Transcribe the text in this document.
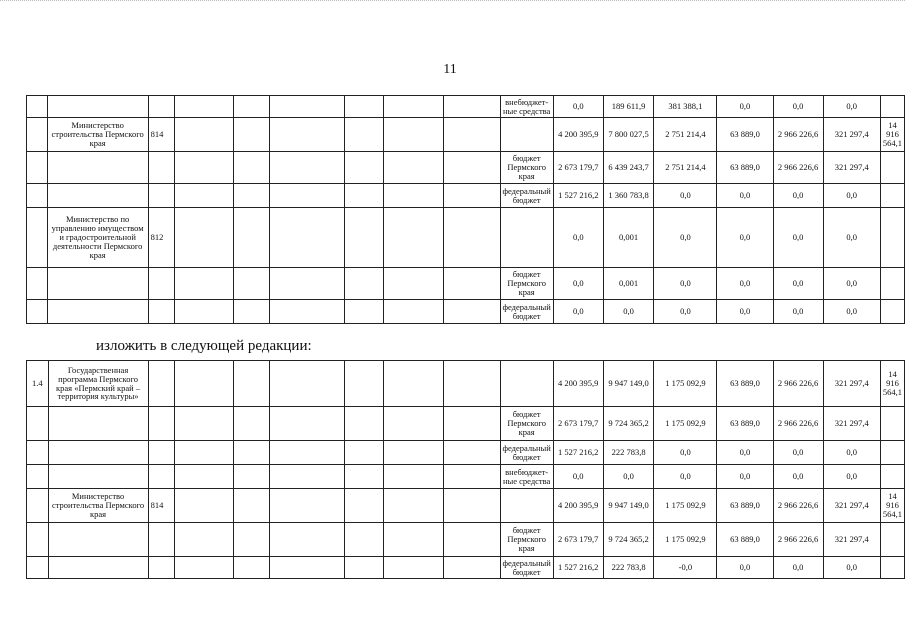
11
									внебюджет-ные средства	0,0	189 611,9	381 388,1	0,0	0,0	0,0	
	Министерство строительства Пермского края	814								4 200 395,9	7 800 027,5	2 751 214,4	63 889,0	2 966 226,6	321 297,4	14 916 564,1
									бюджет Пермского края	2 673 179,7	6 439 243,7	2 751 214,4	63 889,0	2 966 226,6	321 297,4	
									федеральный бюджет	1 527 216,2	1 360 783,8	0,0	0,0	0,0	0,0	
	Министерство по управлению имуществом и градостроительной деятельности Пермского края	812								0,0	0,001	0,0	0,0	0,0	0,0	
									бюджет Пермского края	0,0	0,001	0,0	0,0	0,0	0,0	
									федеральный бюджет	0,0	0,0	0,0	0,0	0,0	0,0	
изложить в следующей редакции:
1.4	Государственная программа Пермского края «Пермский край – территория культуры»									4 200 395,9	9 947 149,0	1 175 092,9	63 889,0	2 966 226,6	321 297,4	14 916 564,1
									бюджет Пермского края	2 673 179,7	9 724 365,2	1 175 092,9	63 889,0	2 966 226,6	321 297,4	
									федеральный бюджет	1 527 216,2	222 783,8	0,0	0,0	0,0	0,0	
									внебюджет-ные средства	0,0	0,0	0,0	0,0	0,0	0,0	
	Министерство строительства Пермского края	814								4 200 395,9	9 947 149,0	1 175 092,9	63 889,0	2 966 226,6	321 297,4	14 916 564,1
									бюджет Пермского края	2 673 179,7	9 724 365,2	1 175 092,9	63 889,0	2 966 226,6	321 297,4	
									федеральный бюджет	1 527 216,2	222 783,8	-0,0	0,0	0,0	0,0	
